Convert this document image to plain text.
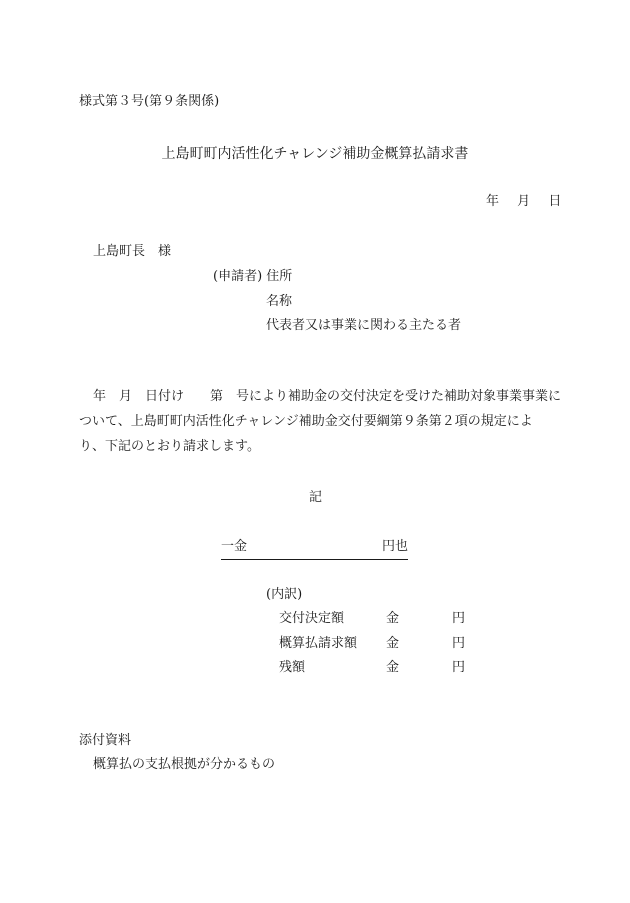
様式第３号(第９条関係)
上島町町内活性化チャレンジ補助金概算払請求書
年 月 日
上島町長　様
(申請者) 住所
名称
代表者又は事業に関わる主たる者
年　月　日付け　　第　号により補助金の交付決定を受けた補助対象事業事業に
ついて、上島町町内活性化チャレンジ補助金交付要綱第９条第２項の規定によ
り、下記のとおり請求します。
記
一金	円也
(内訳)
交付決定額	金	円
概算払請求額 金	円
残額	金	円
添付資料
概算払の支払根拠が分かるもの
